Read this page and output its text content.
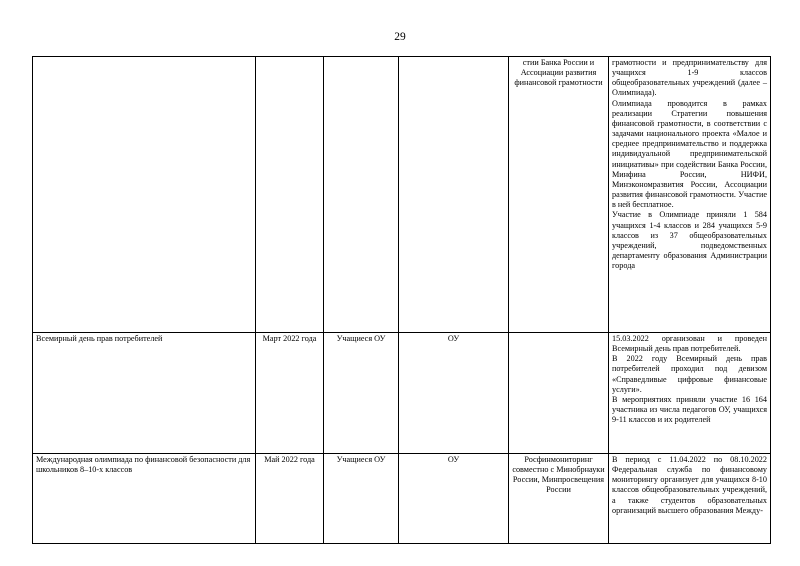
29
				стии Банка России и Ассоциации развития финансовой грамотности	грамотности и предпринимательству для учащихся 1-9 классов общеобразовательных учреждений (далее – Олимпиада).

Олимпиада проводится в рамках реализации Стратегии повышения финансовой грамотности, в соответствии с задачами национального проекта «Малое и среднее предпринимательство и поддержка индивидуальной предпринимательской инициативы» при содействии Банка России, Минфина России, НИФИ, Минэкономразвития России, Ассоциации развития финансовой грамотности. Участие в ней бесплатное.

Участие в Олимпиаде приняли 1 584 учащихся 1-4 классов и 284 учащихся 5-9 классов из 37 общеобразовательных учреждений, подведомственных департаменту образования Администрации города

Всемирный день прав потребителей	Март 2022 года	Учащиеся ОУ	ОУ		15.03.2022 организован и проведен Всемирный день прав потребителей.

В 2022 году Всемирный день прав потребителей проходил под девизом «Справедливые цифровые финансовые услуги».

В мероприятиях приняли участие 16 164 участника из числа педагогов ОУ, учащихся 9-11 классов и их родителей

Международная олимпиада по финансовой безопасности для школьников 8–10-х классов	Май 2022 года	Учащиеся ОУ	ОУ	Росфинмониторинг совместно с Минобрнауки России, Минпросвещения России	В период с 11.04.2022 по 08.10.2022 Федеральная служба по финансовому мониторингу организует для учащихся 8-10 классов общеобразовательных учреждений, а также студентов образовательных организаций высшего образования Между-
